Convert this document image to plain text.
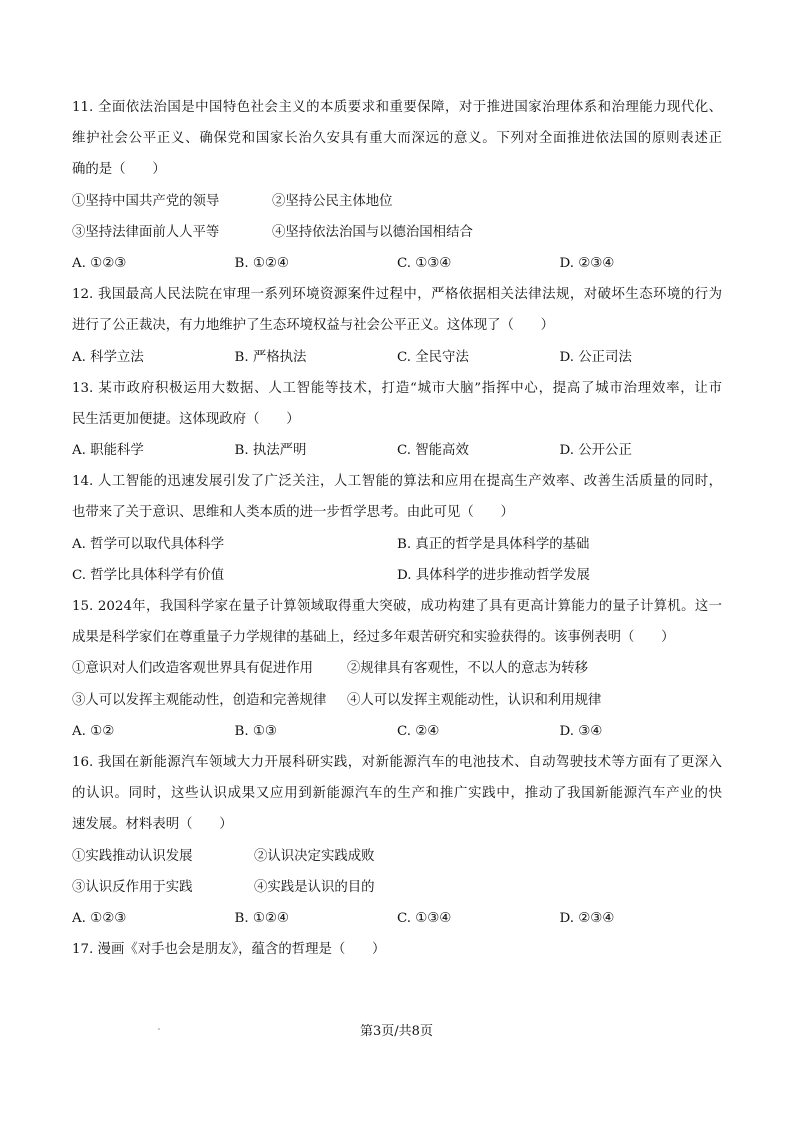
11. 全面依法治国是中国特色社会主义的本质要求和重要保障，对于推进国家治理体系和治理能力现代化、
维护社会公平正义、确保党和国家长治久安具有重大而深远的意义。下列对全面推进依法国的原则表述正
确的是（　　）
①坚持中国共产党的领导	②坚持公民主体地位
③坚持法律面前人人平等	④坚持依法治国与以德治国相结合
A. ①②③	B. ①②④	C. ①③④	D. ②③④
12. 我国最高人民法院在审理一系列环境资源案件过程中，严格依据相关法律法规，对破坏生态环境的行为
进行了公正裁决，有力地维护了生态环境权益与社会公平正义。这体现了（　　）
A. 科学立法	B. 严格执法	C. 全民守法	D. 公正司法
13. 某市政府积极运用大数据、人工智能等技术，打造“城市大脑”指挥中心，提高了城市治理效率，让市
民生活更加便捷。这体现政府（　　）
A. 职能科学	B. 执法严明	C. 智能高效	D. 公开公正
14. 人工智能的迅速发展引发了广泛关注，人工智能的算法和应用在提高生产效率、改善生活质量的同时，
也带来了关于意识、思维和人类本质的进一步哲学思考。由此可见（　　）
A. 哲学可以取代具体科学	B. 真正的哲学是具体科学的基础
C. 哲学比具体科学有价值	D. 具体科学的进步推动哲学发展
15. 2024年，我国科学家在量子计算领域取得重大突破，成功构建了具有更高计算能力的量子计算机。这一
成果是科学家们在尊重量子力学规律的基础上，经过多年艰苦研究和实验获得的。该事例表明（　　）
①意识对人们改造客观世界具有促进作用	②规律具有客观性，不以人的意志为转移
③人可以发挥主观能动性，创造和完善规律 ④人可以发挥主观能动性，认识和利用规律
A. ①②	B. ①③	C. ②④	D. ③④
16. 我国在新能源汽车领域大力开展科研实践，对新能源汽车的电池技术、自动驾驶技术等方面有了更深入
的认识。同时，这些认识成果又应用到新能源汽车的生产和推广实践中，推动了我国新能源汽车产业的快
速发展。材料表明（　　）
①实践推动认识发展	②认识决定实践成败
③认识反作用于实践	④实践是认识的目的
A. ①②③	B. ①②④	C. ①③④	D. ②③④
17. 漫画《对手也会是朋友》，蕴含的哲理是（　　）
第3页/共8页
